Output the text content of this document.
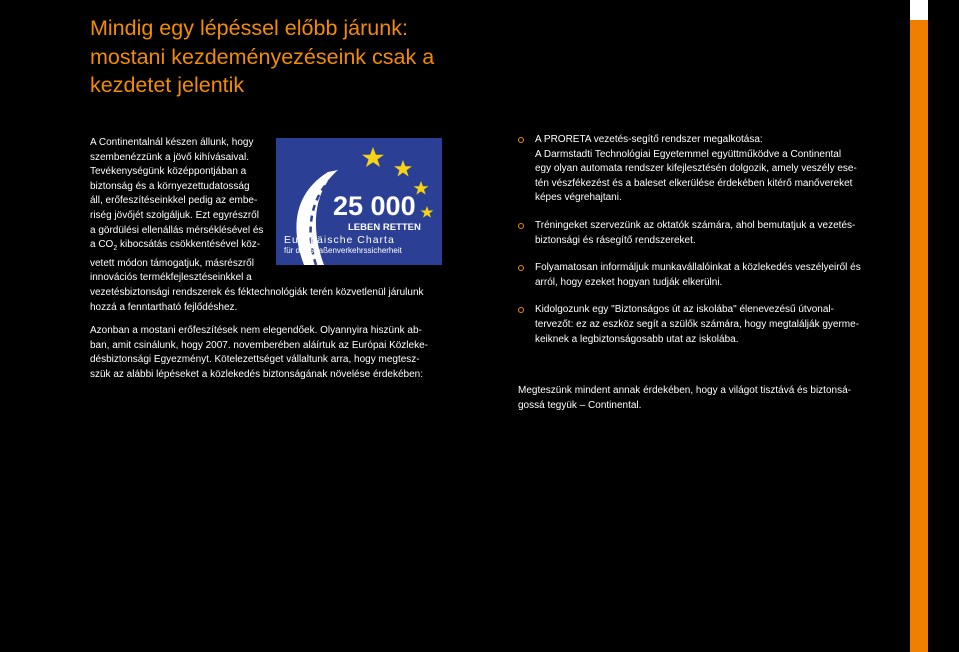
Mindig egy lépéssel előbb járunk:
mostani kezdeményezéseink csak a
kezdetet jelentik
A Continentalnál készen állunk, hogy
szembenézzünk a jövő kihívásaival.
Tevékenységünk középpontjában a
biztonság és a környezettudatosság
áll, erőfeszítéseinkkel pedig az embe-
riség jövőjét szolgáljuk. Ezt egyrészről
a gördülési ellenállás mérséklésével és
a $CO_2$ kibocsátás csökkentésével köz-
vetett módon támogatjuk, másrészről
innovációs termékfejlesztéseinkkel a
vezetésbiztonsági rendszerek és féktechnológiák terén közvetlenül járulunk
hozzá a fenntartható fejlődéshez.
25 000
LEBEN RETTEN
Europäische Charta
für die Straßenverkehrssicherheit
Azonban a mostani erőfeszítések nem elegendőek. Olyannyira hiszünk ab-
ban, amit csinálunk, hogy 2007. novemberében aláírtuk az Európai Közleke-
désbiztonsági Egyezményt. Kötelezettséget vállaltunk arra, hogy megtesz-
szük az alábbi lépéseket a közlekedés biztonságának növelése érdekében:
A PRORETA vezetés-segítő rendszer megalkotása:
A Darmstadti Technológiai Egyetemmel együttműködve a Continental
egy olyan automata rendszer kifejlesztésén dolgozik, amely veszély ese-
tén vészfékezést és a baleset elkerülése érdekében kitérő manővereket
képes végrehajtani.
Tréningeket szervezünk az oktatók számára, ahol bemutatjuk a vezetés-
biztonsági és rásegítő rendszereket.
Folyamatosan informáljuk munkavállalóinkat a közlekedés veszélyeiről és
arról, hogy ezeket hogyan tudják elkerülni.
Kidolgozunk egy "Biztonságos út az iskolába" élenevezésű útvonal-
tervezőt: ez az eszköz segít a szülők számára, hogy megtalálják gyerme-
keiknek a legbiztonságosabb utat az iskolába.
Megteszünk mindent annak érdekében, hogy a világot tisztává és biztonsá-
gossá tegyük – Continental.
